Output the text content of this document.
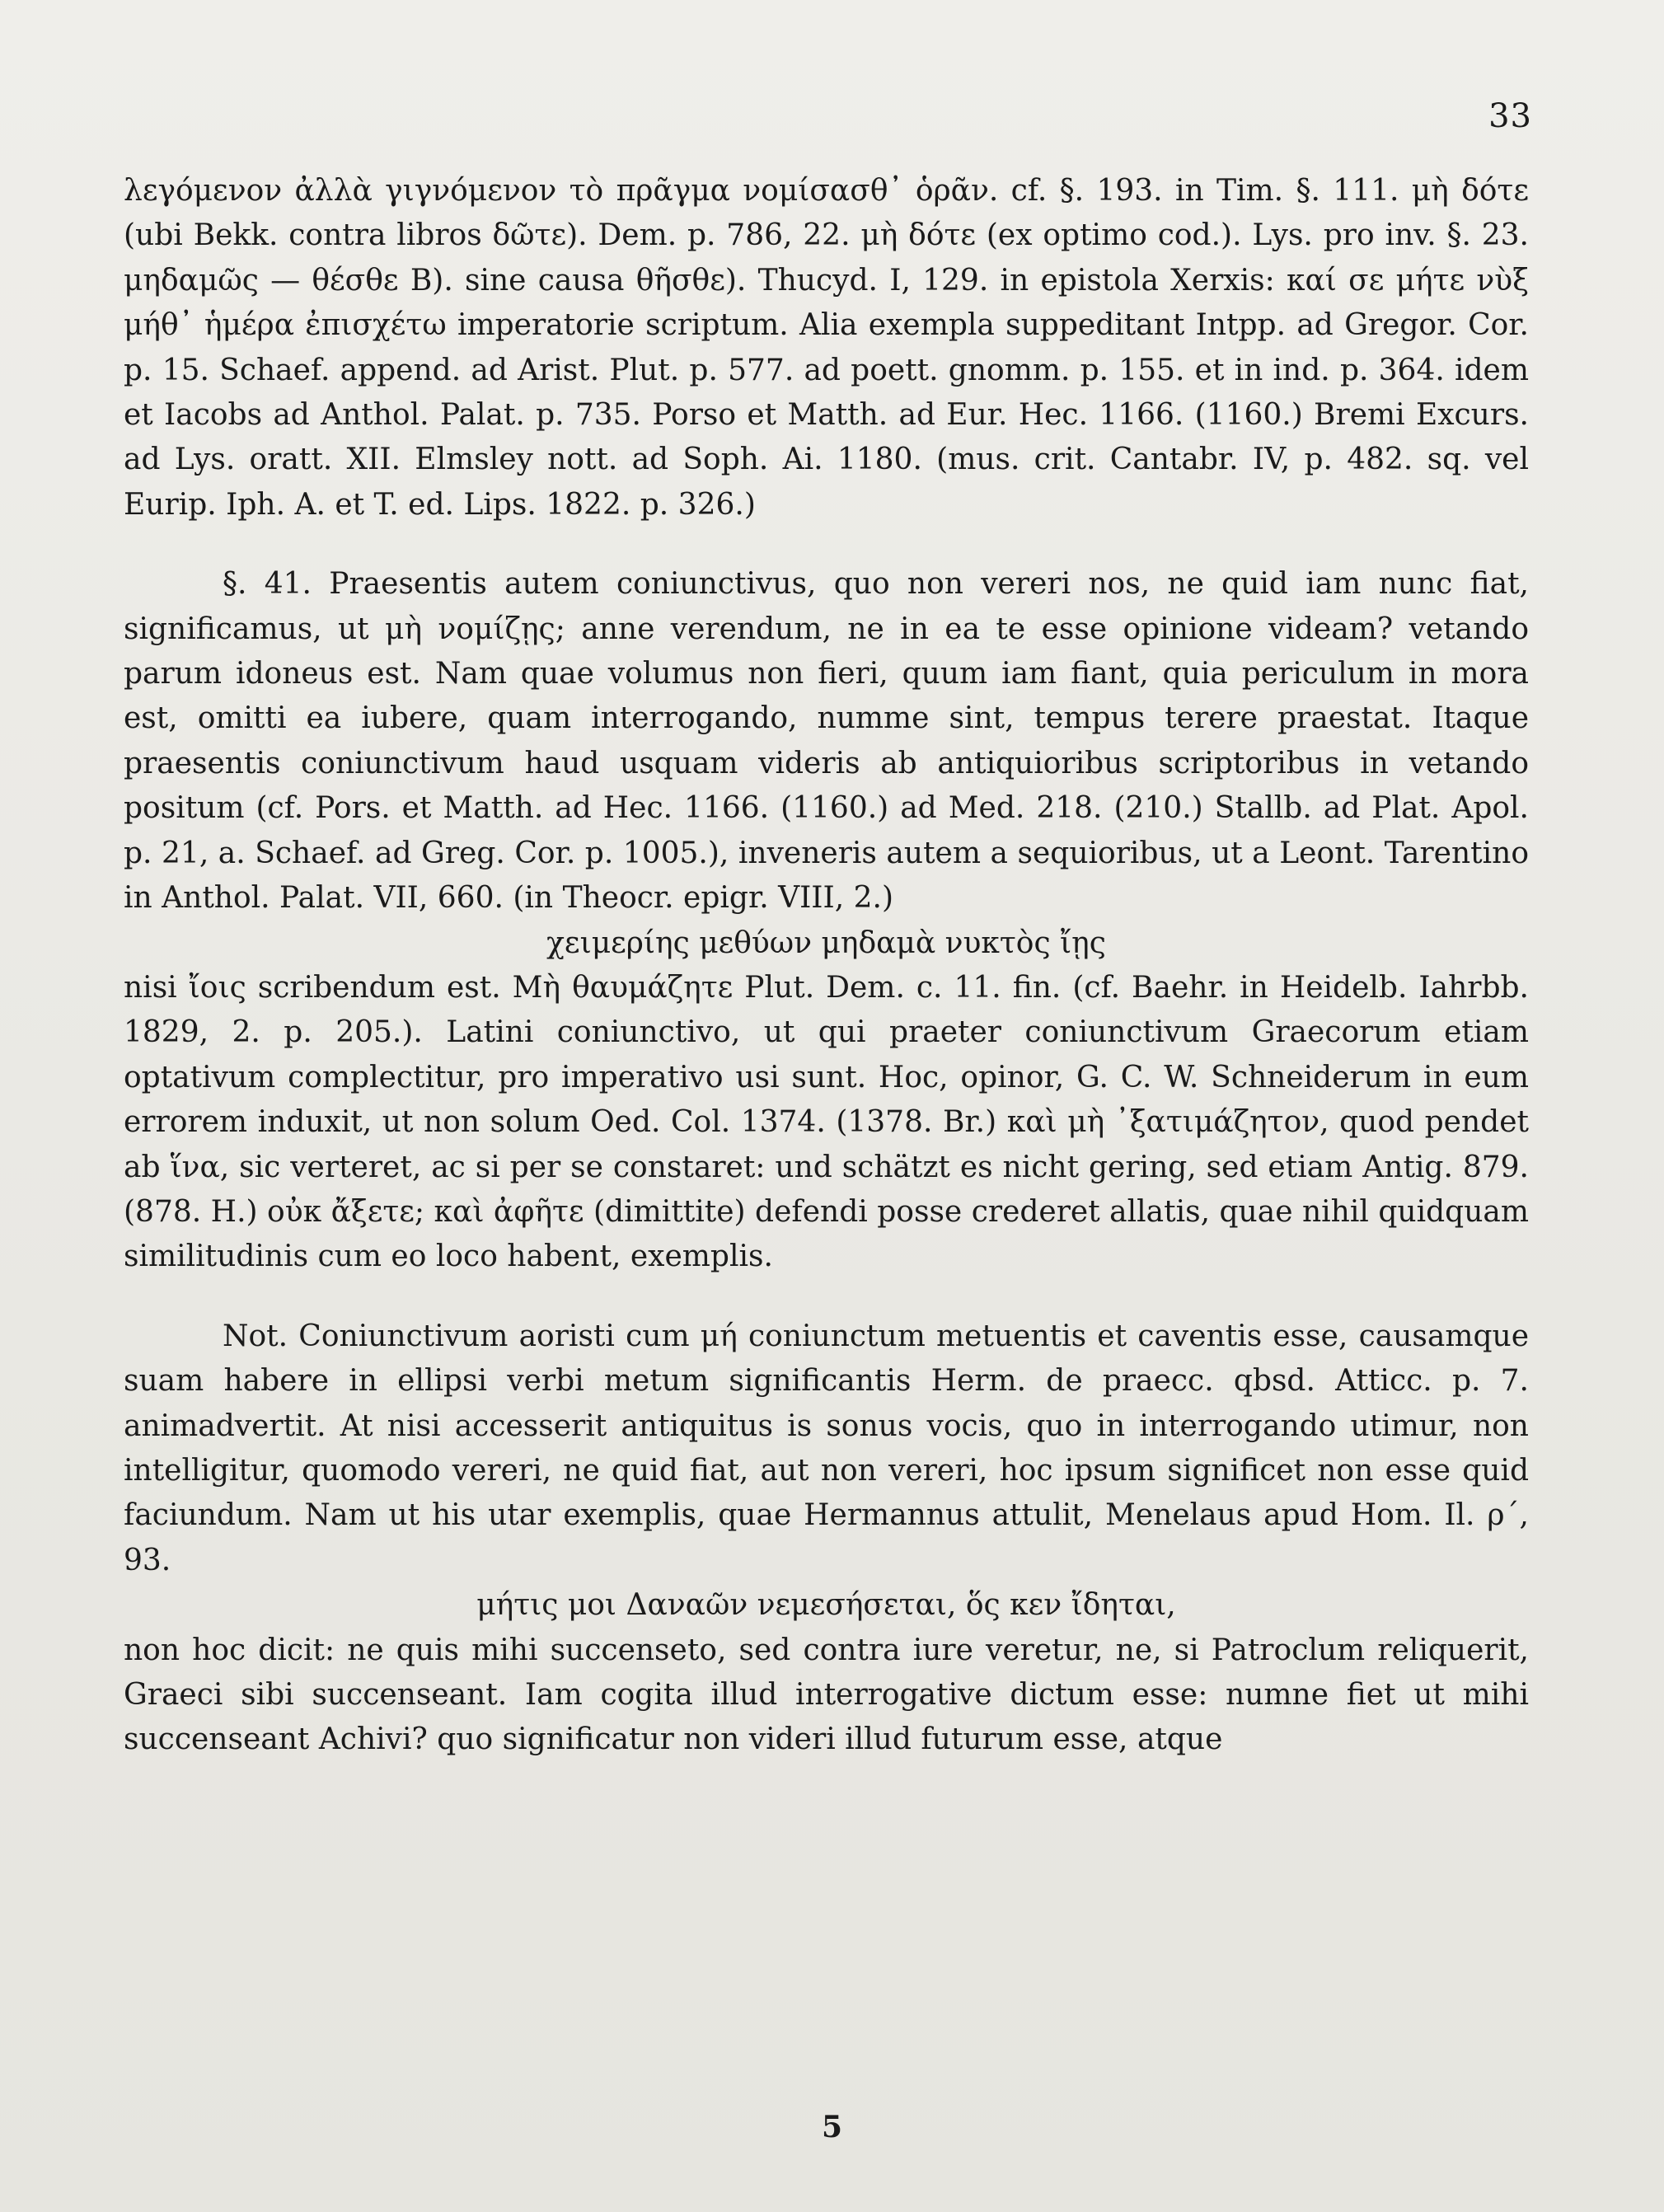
33

λεγόμενον ἀλλὰ γιγνόμενον τὸ πρᾶγμα νομίσασθ᾽ ὁρᾶν. cf. §. 193. in Tim. §. 111. μὴ δότε (ubi Bekk. contra libros δῶτε). Dem. p. 786, 22. μὴ δότε (ex optimo cod.). Lys. pro inv. §. 23. μηδαμῶς — θέσθε B). sine causa θῆσθε). Thucyd. I, 129. in epistola Xerxis: καί σε μήτε νὺξ μήθ᾽ ἡμέρα ἐπισχέτω imperatorie scriptum. Alia exempla suppeditant Intpp. ad Gregor. Cor. p. 15. Schaef. append. ad Arist. Plut. p. 577. ad poett. gnomm. p. 155. et in ind. p. 364. idem et Iacobs ad Anthol. Palat. p. 735. Porso et Matth. ad Eur. Hec. 1166. (1160.) Bremi Excurs. ad Lys. oratt. XII. Elmsley nott. ad Soph. Ai. 1180. (mus. crit. Cantabr. IV, p. 482. sq. vel Eurip. Iph. A. et T. ed. Lips. 1822. p. 326.)

§. 41. Praesentis autem coniunctivus, quo non vereri nos, ne quid iam nunc fiat, significamus, ut μὴ νομίζῃς; anne verendum, ne in ea te esse opinione videam? vetando parum idoneus est. Nam quae volumus non fieri, quum iam fiant, quia periculum in mora est, omitti ea iubere, quam interrogando, numme sint, tempus terere praestat. Itaque praesentis coniunctivum haud usquam videris ab antiquioribus scriptoribus in vetando positum (cf. Pors. et Matth. ad Hec. 1166. (1160.) ad Med. 218. (210.) Stallb. ad Plat. Apol. p. 21, a. Schaef. ad Greg. Cor. p. 1005.), inveneris autem a sequioribus, ut a Leont. Tarentino in Anthol. Palat. VII, 660. (in Theocr. epigr. VIII, 2.)

χειμερίης μεθύων μηδαμὰ νυκτὸς ἴῃς

nisi ἴοις scribendum est. Μὴ θαυμάζητε Plut. Dem. c. 11. fin. (cf. Baehr. in Heidelb. Iahrbb. 1829, 2. p. 205.). Latini coniunctivo, ut qui praeter coniunctivum Graecorum etiam optativum complectitur, pro imperativo usi sunt. Hoc, opinor, G. C. W. Schneiderum in eum errorem induxit, ut non solum Oed. Col. 1374. (1378. Br.) καὶ μὴ ᾽ξατιμάζητον, quod pendet ab ἵνα, sic verteret, ac si per se constaret: und schätzt es nicht gering, sed etiam Antig. 879. (878. H.) οὐκ ἄξετε; καὶ ἀφῆτε (dimittite) defendi posse crederet allatis, quae nihil quidquam similitudinis cum eo loco habent, exemplis.

Not. Coniunctivum aoristi cum μή coniunctum metuentis et caventis esse, causamque suam habere in ellipsi verbi metum significantis Herm. de praecc. qbsd. Atticc. p. 7. animadvertit. At nisi accesserit antiquitus is sonus vocis, quo in interrogando utimur, non intelligitur, quomodo vereri, ne quid fiat, aut non vereri, hoc ipsum significet non esse quid faciundum. Nam ut his utar exemplis, quae Hermannus attulit, Menelaus apud Hom. Il. ρ΄, 93.

μήτις μοι Δαναῶν νεμεσήσεται, ὅς κεν ἴδηται,

non hoc dicit: ne quis mihi succenseto, sed contra iure veretur, ne, si Patroclum reliquerit, Graeci sibi succenseant. Iam cogita illud interrogative dictum esse: numne fiet ut mihi succenseant Achivi? quo significatur non videri illud futurum esse, atque

5
